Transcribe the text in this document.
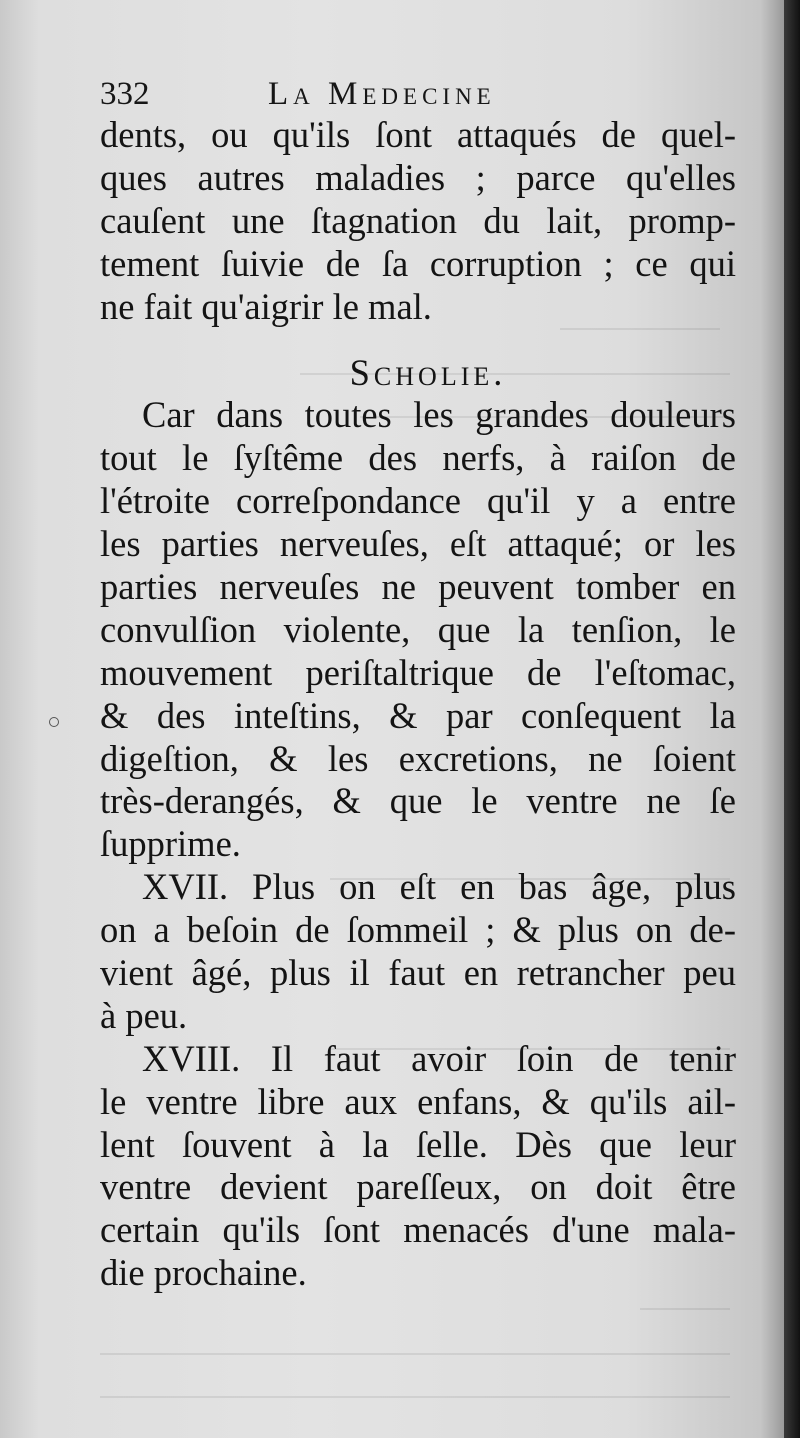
332	La Medecine
dents, ou qu'ils ſont attaqués de quel-
ques autres maladies ; parce qu'elles
cauſent une ſtagnation du lait, promp-
tement ſuivie de ſa corruption ; ce qui
ne fait qu'aigrir le mal.
Scholie.
Car dans toutes les grandes douleurs
tout le ſyſtême des nerfs, à raiſon de
l'étroite correſpondance qu'il y a entre
les parties nerveuſes, eſt attaqué; or les
parties nerveuſes ne peuvent tomber en
convulſion violente, que la tenſion, le
mouvement periſtaltrique de l'eſtomac,
& des inteſtins, & par conſequent la
digeſtion, & les excretions, ne ſoient
très-derangés, & que le ventre ne ſe
ſupprime.
XVII. Plus on eſt en bas âge, plus
on a beſoin de ſommeil ; & plus on de-
vient âgé, plus il faut en retrancher peu
à peu.
XVIII. Il faut avoir ſoin de tenir
le ventre libre aux enfans, & qu'ils ail-
lent ſouvent à la ſelle. Dès que leur
ventre devient pareſſeux, on doit être
certain qu'ils ſont menacés d'une mala-
die prochaine.
